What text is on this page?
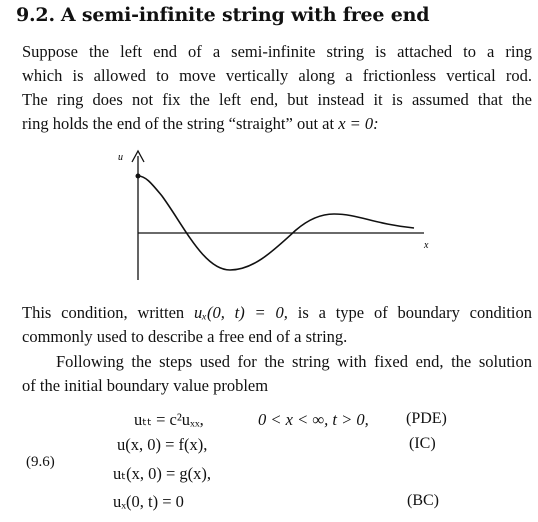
9.2. A semi-infinite string with free end
Suppose the left end of a semi-infinite string is attached to a ring
which is allowed to move vertically along a frictionless vertical rod.
The ring does not fix the left end, but instead it is assumed that the
ring holds the end of the string “straight” out at x = 0:
u
x
This condition, written uₓ(0, t) = 0, is a type of boundary condition
commonly used to describe a free end of a string.
Following the steps used for the string with fixed end, the solution
of the initial boundary value problem
(9.6)
uₜₜ = c²uₓₓ,	0 < x < ∞, t > 0, (PDE)
u(x, 0) = f(x),	(IC)
uₜ(x, 0) = g(x),
uₓ(0, t) = 0	(BC)
